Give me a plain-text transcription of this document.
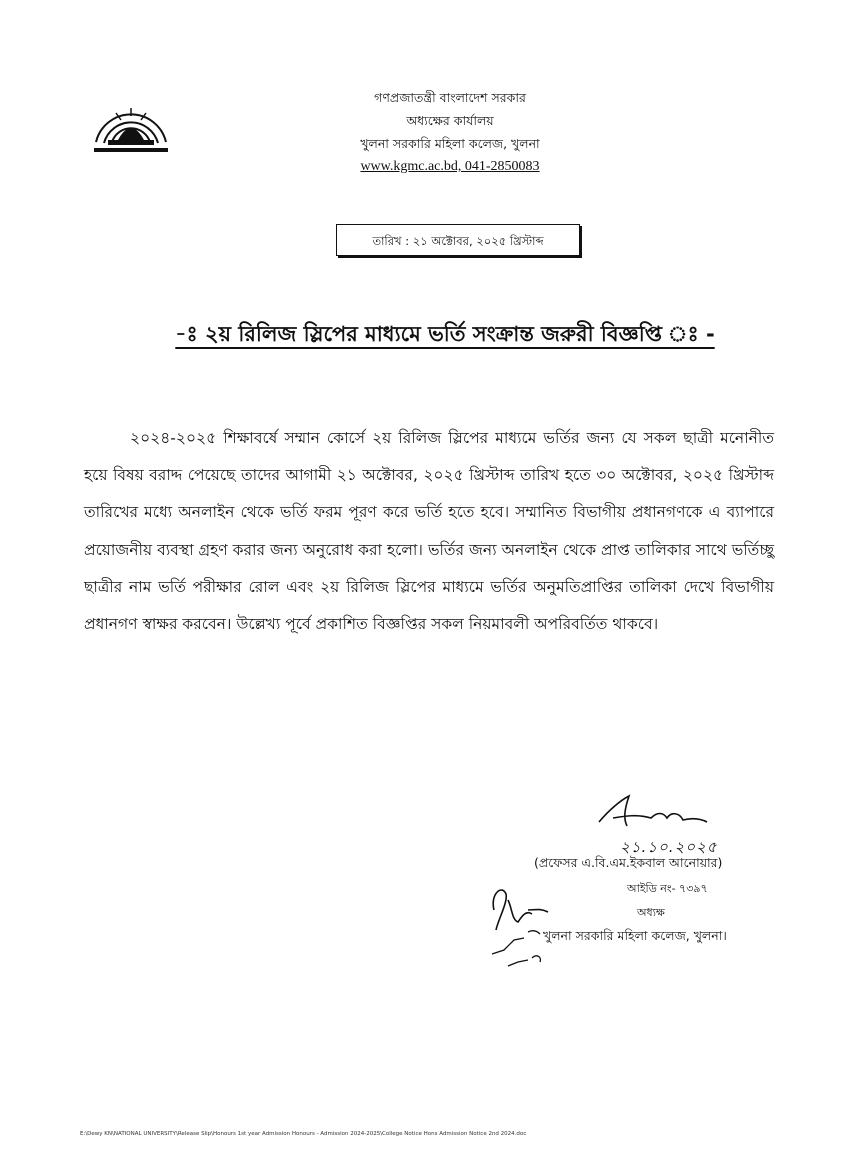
গণপ্রজাতন্ত্রী বাংলাদেশ সরকার
অধ্যক্ষের কার্যালয়
খুলনা সরকারি মহিলা কলেজ, খুলনা
www.kgmc.ac.bd, 041-2850083
তারিখ : ২১ অক্টোবর, ২০২৫ খ্রিস্টাব্দ
-ঃ ২য় রিলিজ স্লিপের মাধ্যমে ভর্তি সংক্রান্ত জরুরী বিজ্ঞপ্তি ঃ -

২০২৪-২০২৫ শিক্ষাবর্ষে সম্মান কোর্সে ২য় রিলিজ স্লিপের মাধ্যমে ভর্তির জন্য যে সকল ছাত্রী মনোনীত হয়ে বিষয় বরাদ্দ পেয়েছে তাদের আগামী ২১ অক্টোবর, ২০২৫ খ্রিস্টাব্দ তারিখ হতে ৩০ অক্টোবর, ২০২৫ খ্রিস্টাব্দ তারিখের মধ্যে অনলাইন থেকে ভর্তি ফরম পূরণ করে ভর্তি হতে হবে। সম্মানিত বিভাগীয় প্রধানগণকে এ ব্যাপারে প্রয়োজনীয় ব্যবস্থা গ্রহণ করার জন্য অনুরোধ করা হলো। ভর্তির জন্য অনলাইন থেকে প্রাপ্ত তালিকার সাথে ভর্তিচ্ছু ছাত্রীর নাম ভর্তি পরীক্ষার রোল এবং ২য় রিলিজ স্লিপের মাধ্যমে ভর্তির অনুমতিপ্রাপ্তির তালিকা দেখে বিভাগীয় প্রধানগণ স্বাক্ষর করবেন। উল্লেখ্য পূর্বে প্রকাশিত বিজ্ঞপ্তির সকল নিয়মাবলী অপরিবর্তিত থাকবে।

২১.১০.২০২৫
(প্রফেসর এ.বি.এম.ইকবাল আনোয়ার)
আইডি নং- ৭৩৯৭
অধ্যক্ষ
খুলনা সরকারি মহিলা কলেজ, খুলনা।
E:\Dewy KN\NATIONAL UNIVERSITY\Release Slip\Honours 1st year Admission Honours - Admission 2024-2025\College Notice Hons Admission Notice 2nd 2024.doc
